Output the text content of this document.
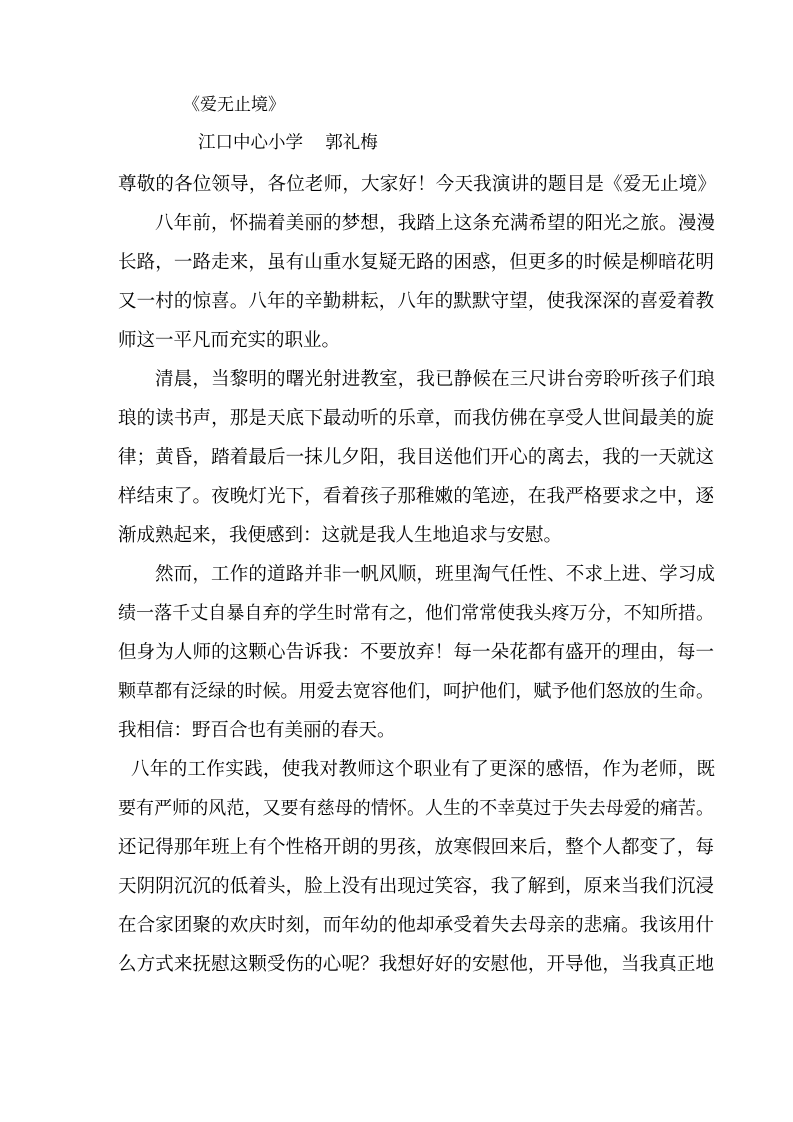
《爱无止境》
江口中心小学    郭礼梅
尊敬的各位领导，各位老师，大家好！今天我演讲的题目是《爱无止境》
八年前，怀揣着美丽的梦想，我踏上这条充满希望的阳光之旅。漫漫
长路，一路走来，虽有山重水复疑无路的困惑，但更多的时候是柳暗花明
又一村的惊喜。八年的辛勤耕耘，八年的默默守望，使我深深的喜爱着教
师这一平凡而充实的职业。
清晨，当黎明的曙光射进教室，我已静候在三尺讲台旁聆听孩子们琅
琅的读书声，那是天底下最动听的乐章，而我仿佛在享受人世间最美的旋
律；黄昏，踏着最后一抹儿夕阳，我目送他们开心的离去，我的一天就这
样结束了。夜晚灯光下，看着孩子那稚嫩的笔迹，在我严格要求之中，逐
渐成熟起来，我便感到：这就是我人生地追求与安慰。
然而，工作的道路并非一帆风顺，班里淘气任性、不求上进、学习成
绩一落千丈自暴自弃的学生时常有之，他们常常使我头疼万分，不知所措。
但身为人师的这颗心告诉我：不要放弃！每一朵花都有盛开的理由，每一
颗草都有泛绿的时候。用爱去宽容他们，呵护他们，赋予他们怒放的生命。
我相信：野百合也有美丽的春天。
八年的工作实践，使我对教师这个职业有了更深的感悟，作为老师，既
要有严师的风范，又要有慈母的情怀。人生的不幸莫过于失去母爱的痛苦。
还记得那年班上有个性格开朗的男孩，放寒假回来后，整个人都变了，每
天阴阴沉沉的低着头，脸上没有出现过笑容，我了解到，原来当我们沉浸
在合家团聚的欢庆时刻，而年幼的他却承受着失去母亲的悲痛。我该用什
么方式来抚慰这颗受伤的心呢？我想好好的安慰他，开导他，当我真正地
